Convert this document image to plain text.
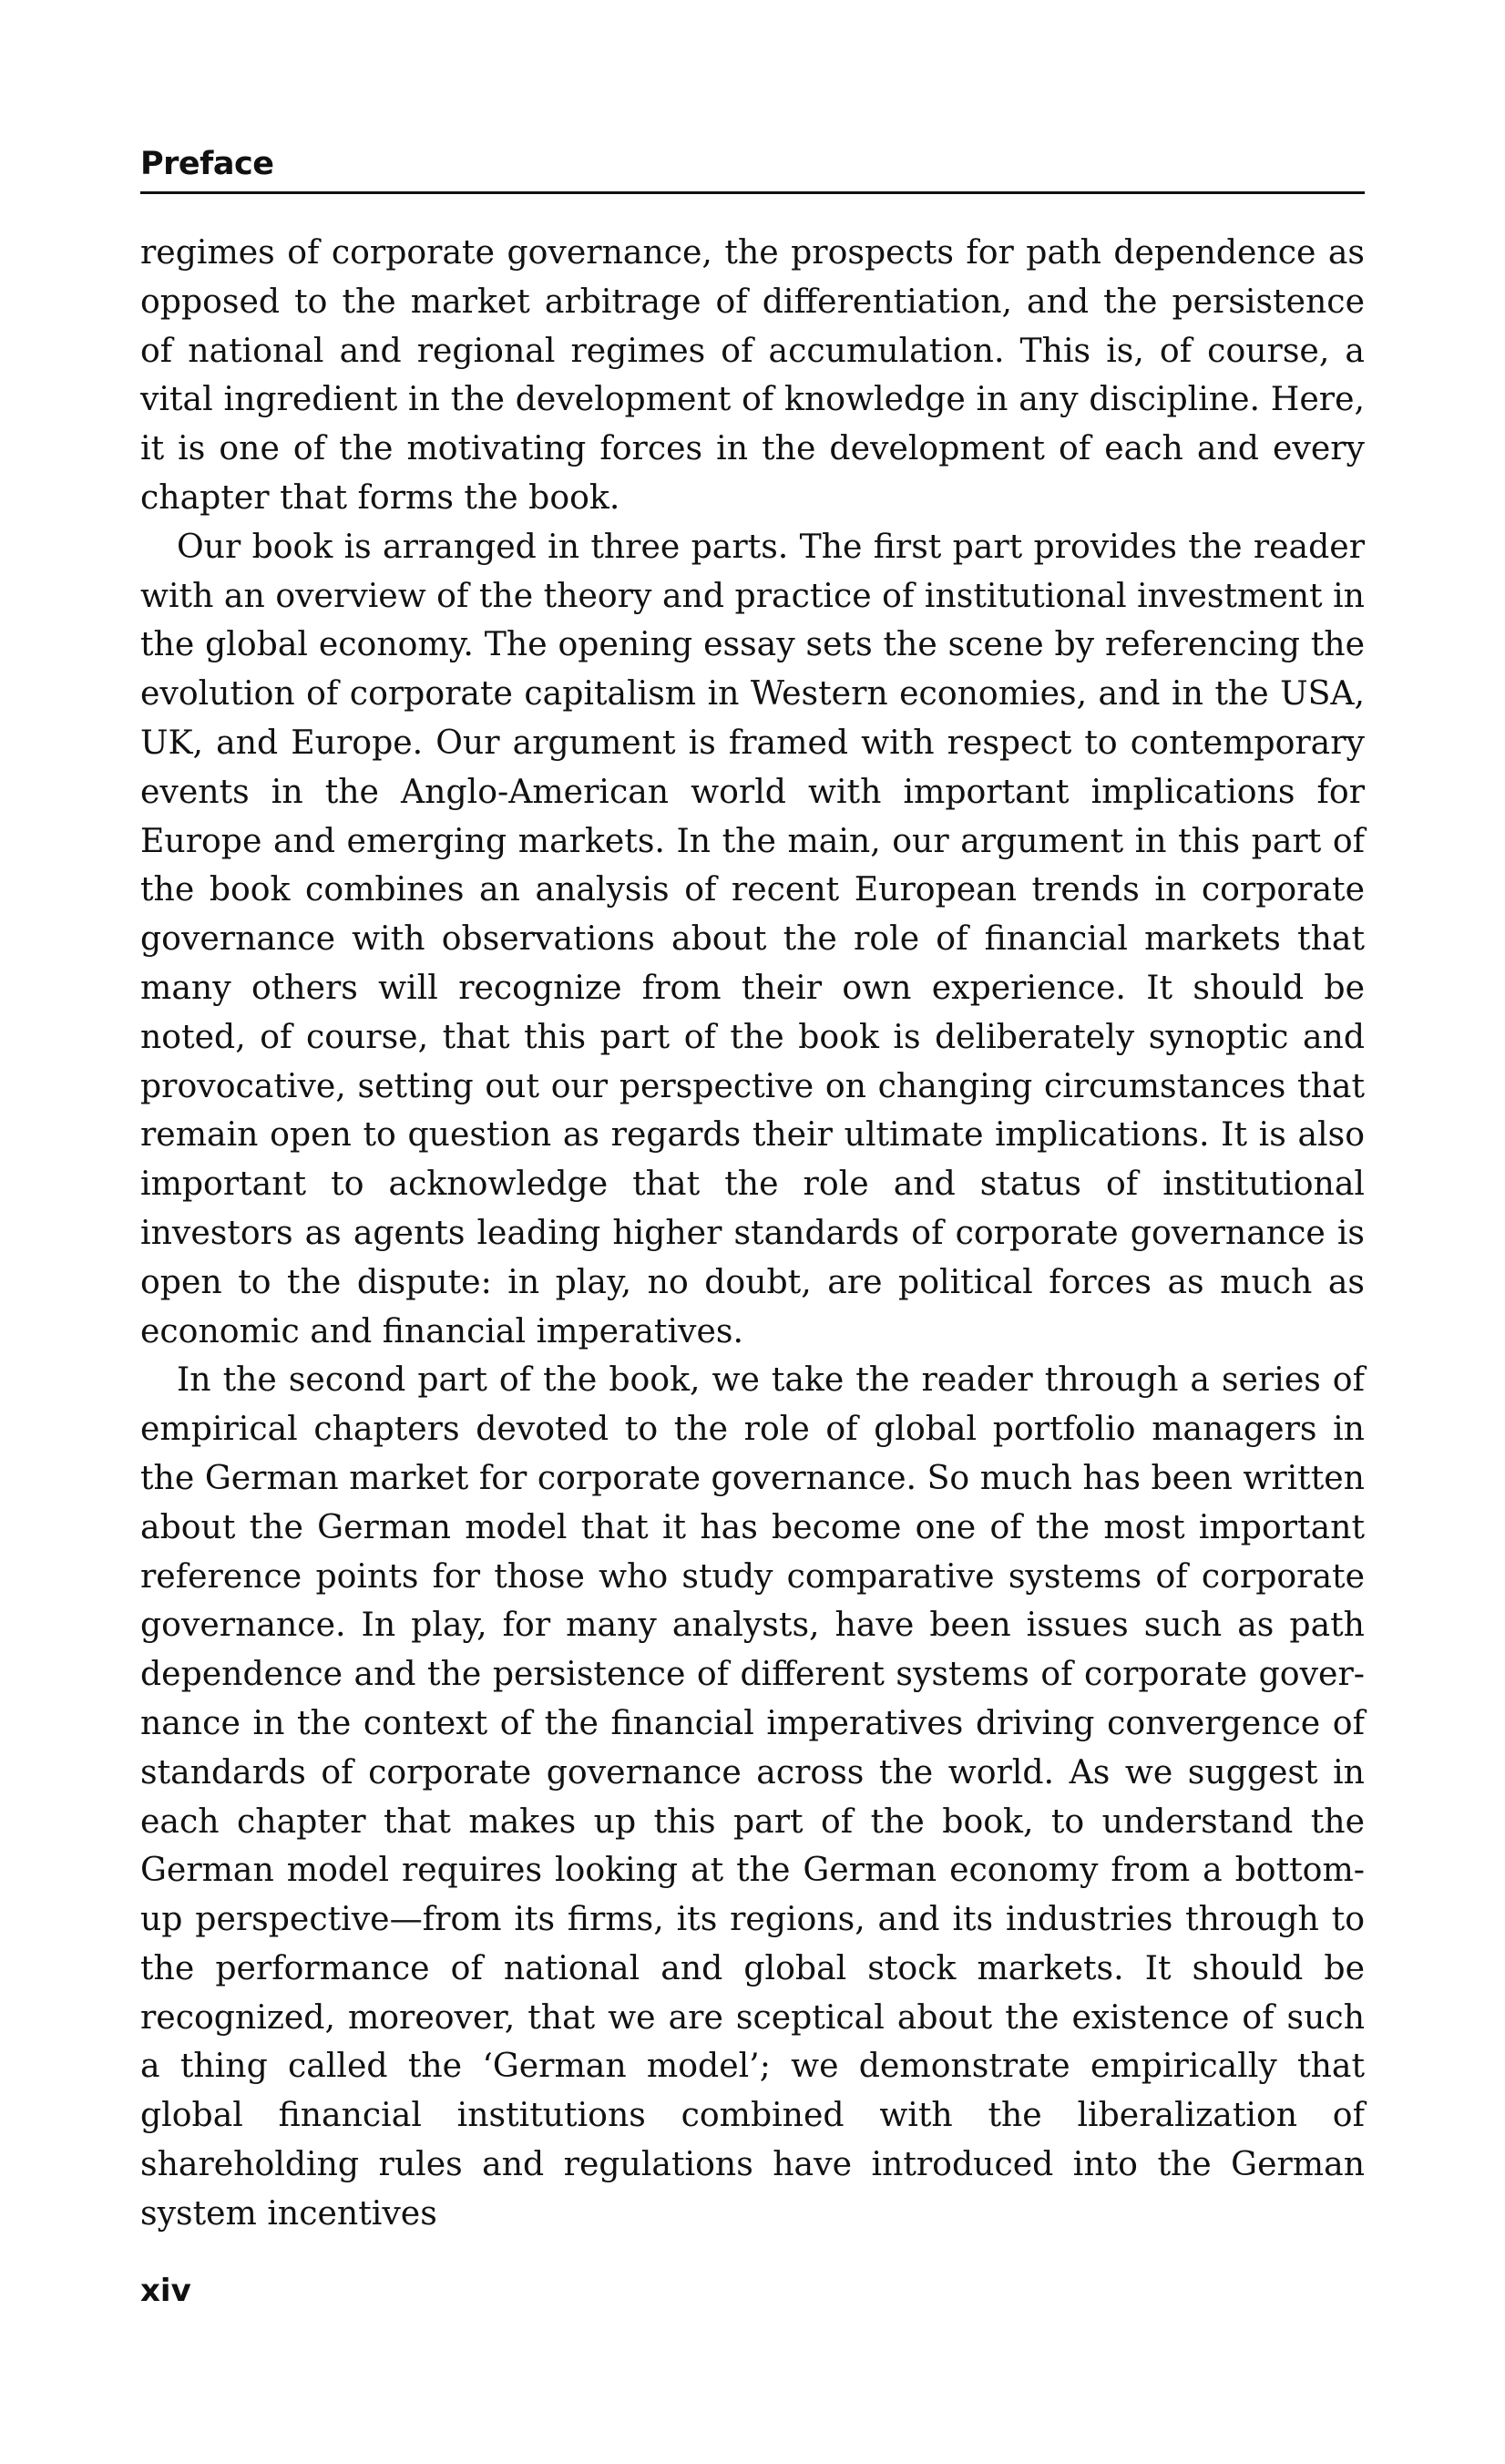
Preface

regimes of corporate governance, the prospects for path dependence as opposed to the market arbitrage of differentiation, and the persistence of national and regional regimes of accumulation. This is, of course, a vital ingredient in the development of knowledge in any discipline. Here, it is one of the motivating forces in the development of each and every chapter that forms the book.

Our book is arranged in three parts. The first part provides the reader with an overview of the theory and practice of institutional investment in the global economy. The opening essay sets the scene by referencing the evolution of corporate capitalism in Western economies, and in the USA, UK, and Europe. Our argument is framed with respect to contemporary events in the Anglo-American world with important implications for Europe and emerging markets. In the main, our argument in this part of the book combines an analysis of recent European trends in corporate governance with observations about the role of financial markets that many others will recognize from their own experience. It should be noted, of course, that this part of the book is deliberately synoptic and provocative, setting out our perspective on changing circumstances that remain open to question as regards their ultimate implications. It is also important to acknowledge that the role and status of institutional investors as agents leading higher standards of corporate governance is open to the dispute: in play, no doubt, are political forces as much as economic and financial imperatives.

In the second part of the book, we take the reader through a series of empirical chapters devoted to the role of global portfolio managers in the German market for corporate governance. So much has been written about the German model that it has become one of the most important reference points for those who study comparative systems of corporate governance. In play, for many analysts, have been issues such as path dependence and the persistence of different systems of corporate governance in the context of the financial imperatives driving convergence of standards of corporate governance across the world. As we suggest in each chapter that makes up this part of the book, to understand the German model requires looking at the German economy from a bottom-up perspective—from its firms, its regions, and its industries through to the performance of national and global stock markets. It should be recognized, moreover, that we are sceptical about the existence of such a thing called the ‘German model’; we demonstrate empirically that global financial institutions combined with the liberalization of shareholding rules and regulations have introduced into the German system incentives

xiv
